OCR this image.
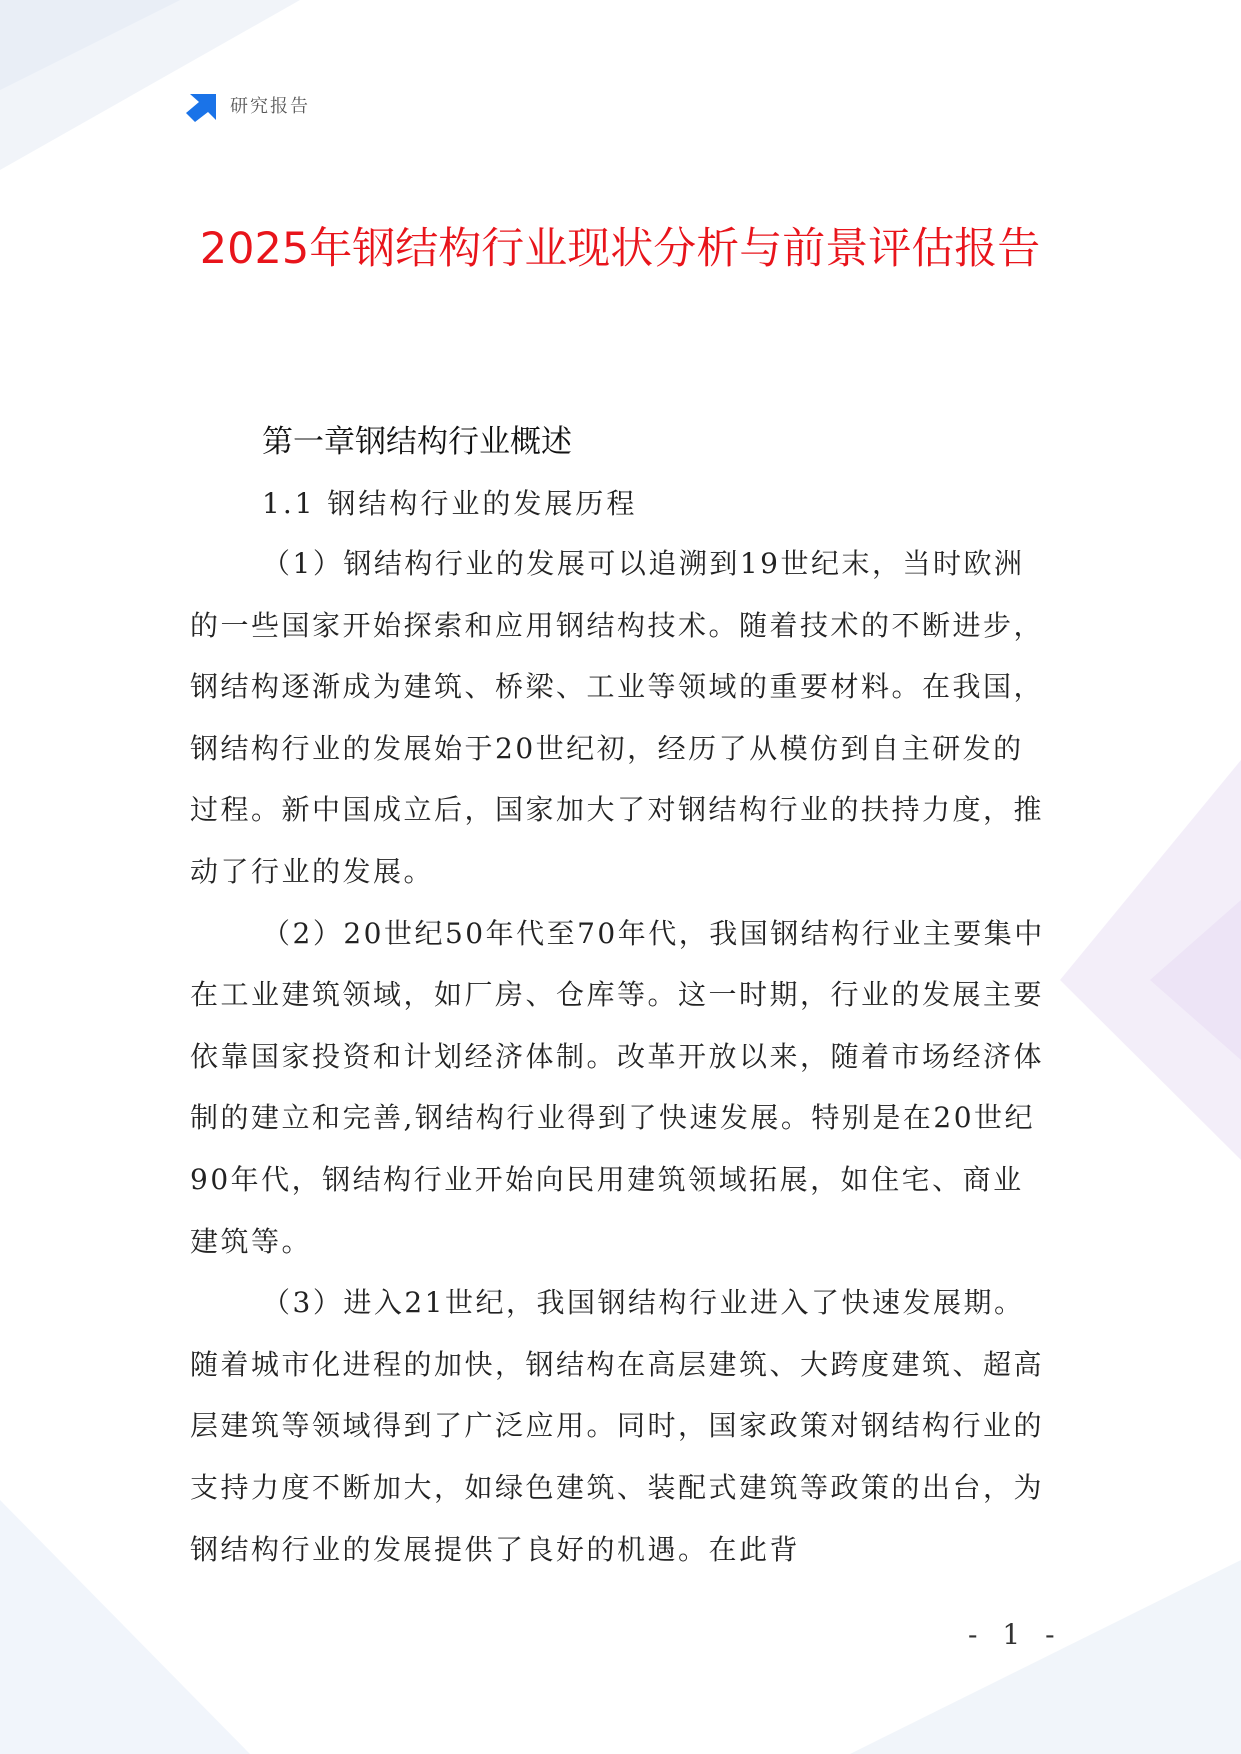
研究报告
2025年钢结构行业现状分析与前景评估报告
第一章钢结构行业概述
1.1 钢结构行业的发展历程

（1）钢结构行业的发展可以追溯到19世纪末，当时欧洲的一些国家开始探索和应用钢结构技术。随着技术的不断进步，钢结构逐渐成为建筑、桥梁、工业等领域的重要材料。在我国，钢结构行业的发展始于20世纪初，经历了从模仿到自主研发的过程。新中国成立后，国家加大了对钢结构行业的扶持力度，推动了行业的发展。

（2）20世纪50年代至70年代，我国钢结构行业主要集中在工业建筑领域，如厂房、仓库等。这一时期，行业的发展主要依靠国家投资和计划经济体制。改革开放以来，随着市场经济体制的建立和完善,钢结构行业得到了快速发展。特别是在20世纪90年代，钢结构行业开始向民用建筑领域拓展，如住宅、商业建筑等。

（3）进入21世纪，我国钢结构行业进入了快速发展期。随着城市化进程的加快，钢结构在高层建筑、大跨度建筑、超高层建筑等领域得到了广泛应用。同时，国家政策对钢结构行业的支持力度不断加大，如绿色建筑、装配式建筑等政策的出台，为钢结构行业的发展提供了良好的机遇。在此背

- 1 -
